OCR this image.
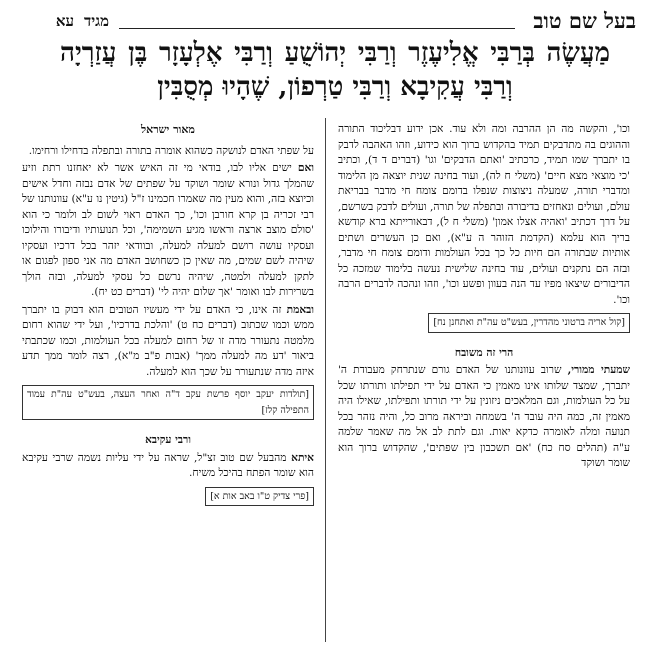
בעל שם טוב
מגיד
עא
מַעֲשֶׂה בְּרַבִּי אֱלִיעֶזֶר וְרַבִּי יְהוֹשֻׁעַ וְרַבִּי אֶלְעָזָר בֶּן עֲזַרְיָה וְרַבִּי עֲקִיבָא וְרַבִּי טַרְפוֹן, שֶׁהָיוּ מְסֻבִּין

וכו', והקשה מה הן ההרבה ומה ולא עוד. אכן ידוע דבליכוד התורה וההוגים בה מתדבקים תמיד בהקדוש ברוך הוא כידוע, וזהו האהבה לדבק בו יתברך שמו תמיד, כרכתיב 'ואתם הדבקים' וגו' (דברים ד ד), וכתיב 'כי מוצאי מצא חיים' (משלי ח לה), ועוד בחינה שנית יוצאה מן הלימוד ומדברי תורה, שמעלה ניצוצות שנפלו בדומם צומח חי מדבר בבריאת עולם, ועולים ונאחזים בדיבורה ובתפלה של תורה, ועולים לדבק בשרשם, על דרך דכתיב 'ואהיה אצלו אמון' (משלי ח ל), דבאורייתא ברא קודשא בריך הוא עלמא (הקדמת הזוהר ה ע"א), ואם כן העשרים ושתים אותיות שבתורה הם חיות כל כך בכל העולמות ודומם צומח חי מדבר, ובזה הם נתקנים ועולים, עוד בחינה שלישית נעשה בלימוד שמזכה כל הדיבורים שיצאו מפיו עד הנה בעוון ופשע וכו', וזהו ונהכה לדברים הרבה וכו'.

[קול אריה ברטוני מהדרין, בעש"ט עה"ת ואתחנן נח]
הרי זה משובח

שמעתי ממורי, שרוב עוונותנו של האדם גורם שנתרחק מעבודת ה' יתברך, שמצד שלותו אינו מאמין כי האדם על ידי תפילתו ותורתו שכל על כל העולמות, וגם המלאכים ניזונין על ידי תורתו ותפילתו, שאילו היה מאמין זה, כמה היה עובד ה' בשמחה וביראה מרוב כל, והיה נזהר בכל תנועה ומלה לאומרה כדקא יאות. וגם לתת לב אל מה שאמר שלמה ע"ה (תהלים סח כח) 'אם תשכבון בין שפתים', שהקדוש ברוך הוא שומר ושוקד

מאור ישראל

על שפתי האדם לנושקה כשהוא אומרה בתורה ובתפלה בדחילו ורחימו.

ואם ישים אליו לבו, בודאי מי זה האיש אשר לא יאחזנו רתת וזיע שהמלך גדול ונורא שומר ושוקד על שפתים של אדם נבזה וחדל אישים וכיוצא בזה, והוא מעין מה שאמרו חכמינו ז"ל (גיטין נו ע"א) עוונותנו של רבי זכריה בן קרא חורבן וכו', כך האדם ראוי לשום לב ולומר כי הוא 'סולם מוצב ארצה וראשו מגיע השמימה', וכל תנועותיו ודיבורו והילוכו ועסקיו עושה רושם למעלה למעלה, ובוודאי יזהר בכל דרכיו ועסקיו שיהיה לשם שמים, מה שאין כן כשחושב האדם מה אני ספון לפגום או לתקן למעלה ולמטה, שיהיה נרשם כל עסקי למעלה, ובזה הולך בשרירות לבו ואומר 'אך שלום יהיה לי' (דברים כט יח).

ובאמת זה אינו, כי האדם על ידי מעשיו הטובים הוא דבוק בו יתברך ממש וכמו שכתוב (דברים כח ט) 'והלכת בדרכיו', ועל ידי שהוא רחום מלמטה נתעורר מדה זו של רחום למעלה בכל העולמות, וכמו שכתבתי ביאור 'דע מה למעלה ממך' (אבות פ"ב מ"א), רצה לומר ממך תדע איזה מדה שנתעורר על שכך הוא למעלה.

[תולדות יעקב יוסף פרשת עקב ד"ה ואחר העצה, בעש"ט עה"ת עמוד התפילה קלז]
ורבי עקיבא

איתא מהבעל שם טוב זצ"ל, שראה על ידי עליות נשמה שרבי עקיבא הוא שומר הפתח בהיכל משיח.

[פרי צדיק ט"ו באב אות א]
